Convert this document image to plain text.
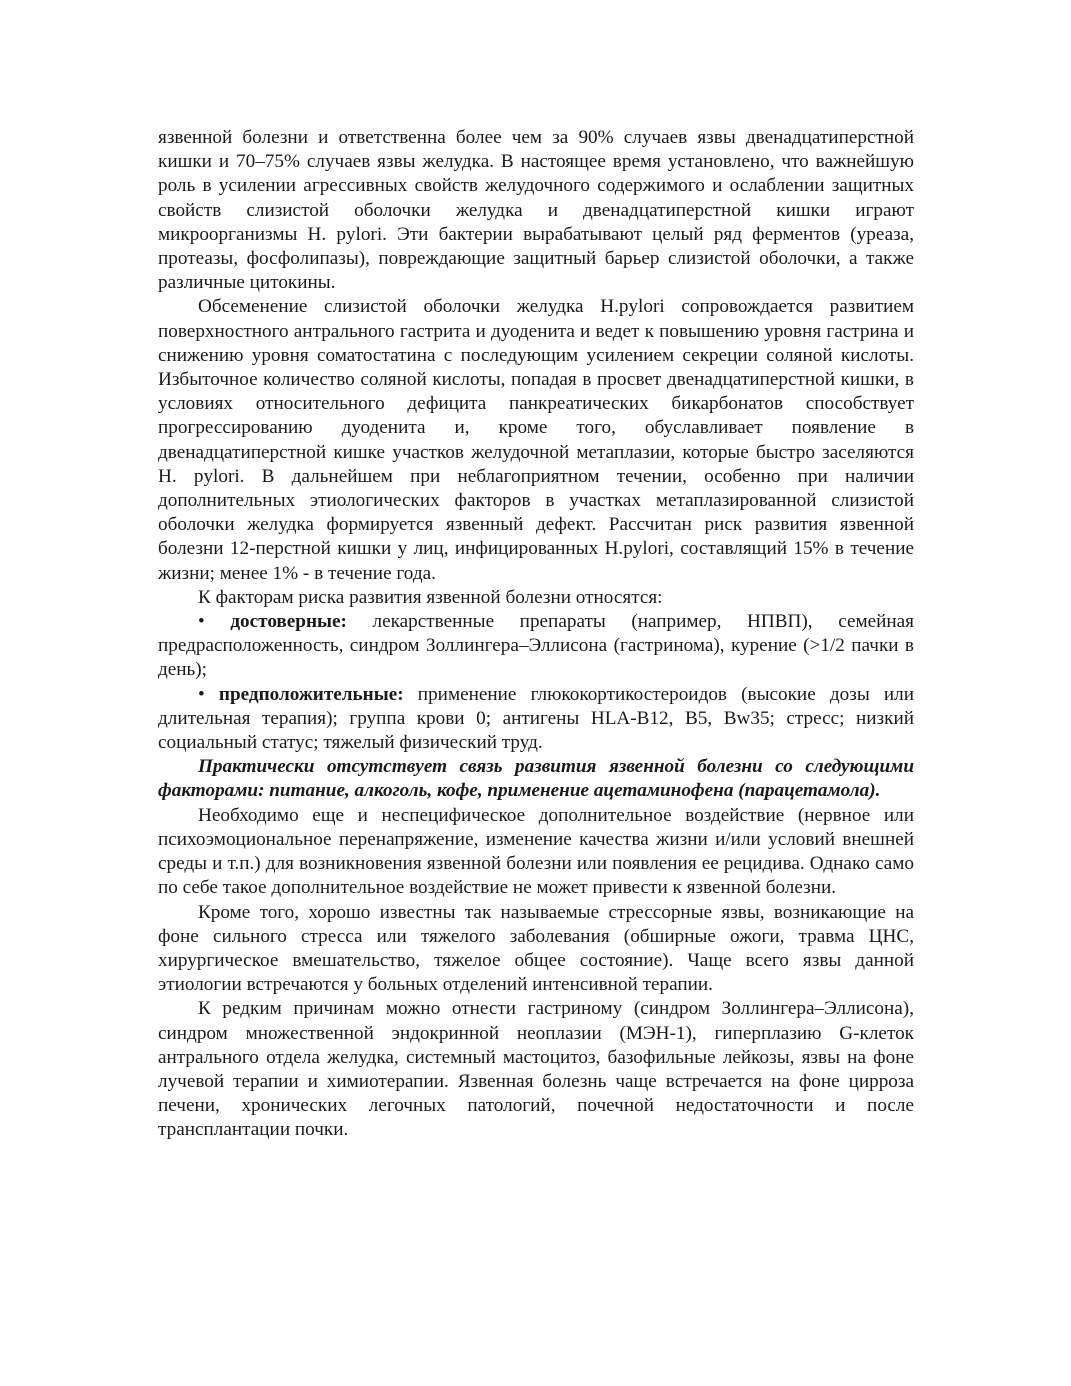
язвенной болезни и ответственна более чем за 90% случаев язвы двенадцатиперстной кишки и 70–75% случаев язвы желудка. В настоящее время установлено, что важнейшую роль в усилении агрессивных свойств желудочного содержимого и ослаблении защитных свойств слизистой оболочки желудка и двенадцатиперстной кишки играют микроорганизмы H. pylori. Эти бактерии вырабатывают целый ряд ферментов (уреаза, протеазы, фосфолипазы), повреждающие защитный барьер слизистой оболочки, а также различные цитокины.

Обсеменение слизистой оболочки желудка H.pylori сопровождается развитием поверхностного антрального гастрита и дуоденита и ведет к повышению уровня гастрина и снижению уровня соматостатина с последующим усилением секреции соляной кислоты. Избыточное количество соляной кислоты, попадая в просвет двенадцатиперстной кишки, в условиях относительного дефицита панкреатических бикарбонатов способствует прогрессированию дуоденита и, кроме того, обуславливает появление в двенадцатиперстной кишке участков желудочной метаплазии, которые быстро заселяются H. pylori. В дальнейшем при неблагоприятном течении, особенно при наличии дополнительных этиологических факторов в участках метаплазированной слизистой оболочки желудка формируется язвенный дефект. Рассчитан риск развития язвенной болезни 12-перстной кишки у лиц, инфицированных H.pylori, составлящий 15% в течение жизни; менее 1% - в течение года.

К факторам риска развития язвенной болезни относятся:

• достоверные: лекарственные препараты (например, НПВП), семейная предрасположенность, синдром Золлингера–Эллисона (гастринома), курение (>1/2 пачки в день);

• предположительные: применение глюкокортикостероидов (высокие дозы или длительная терапия); группа крови 0; антигены HLA-B12, B5, Bw35; стресс; низкий социальный статус; тяжелый физический труд.

Практически отсутствует связь развития язвенной болезни со следующими факторами: питание, алкоголь, кофе, применение ацетаминофена (парацетамола).

Необходимо еще и неспецифическое дополнительное воздействие (нервное или психоэмоциональное перенапряжение, изменение качества жизни и/или условий внешней среды и т.п.) для возникновения язвенной болезни или появления ее рецидива. Однако само по себе такое дополнительное воздействие не может привести к язвенной болезни.

Кроме того, хорошо известны так называемые стрессорные язвы, возникающие на фоне сильного стресса или тяжелого заболевания (обширные ожоги, травма ЦНС, хирургическое вмешательство, тяжелое общее состояние). Чаще всего язвы данной этиологии встречаются у больных отделений интенсивной терапии.

К редким причинам можно отнести гастриному (синдром Золлингера–Эллисона), синдром множественной эндокринной неоплазии (МЭН-1), гиперплазию G-клеток антрального отдела желудка, системный мастоцитоз, базофильные лейкозы, язвы на фоне лучевой терапии и химиотерапии. Язвенная болезнь чаще встречается на фоне цирроза печени, хронических легочных патологий, почечной недостаточности и после трансплантации почки.
